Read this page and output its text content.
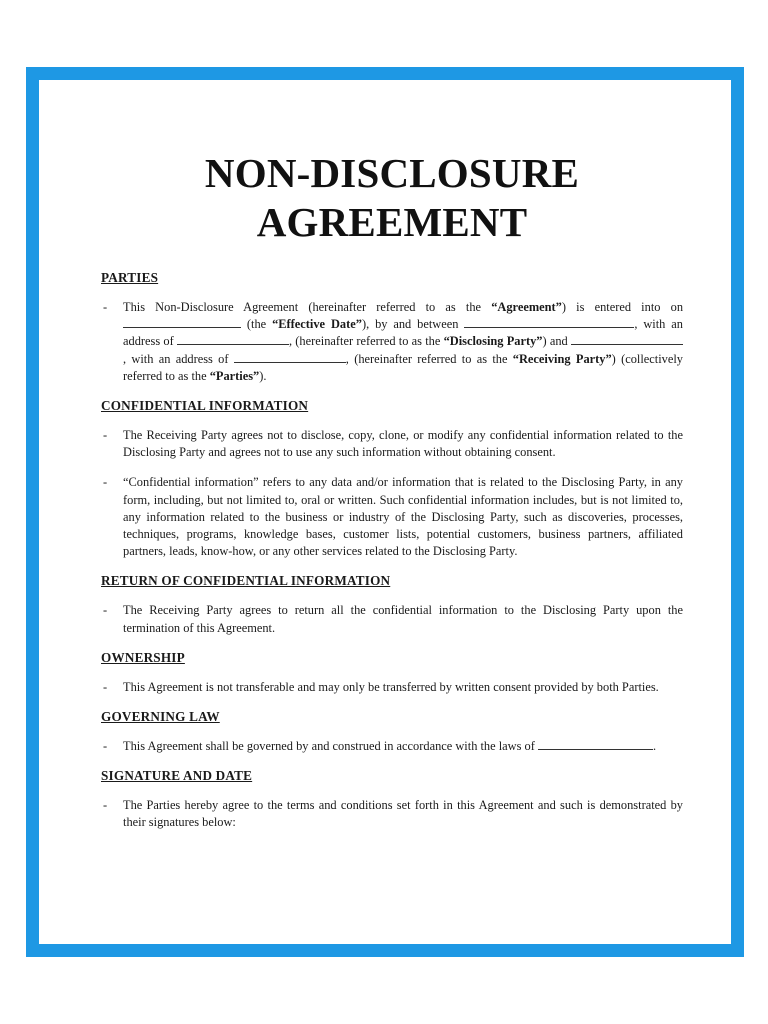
NON-DISCLOSURE
AGREEMENT
PARTIES
- This Non-Disclosure Agreement (hereinafter referred to as the “Agreement”) is entered into on  (the “Effective Date”), by and between	, with an address of	, (hereinafter referred to as the “Disclosing Party”) and , with an address of	, (hereinafter referred to as the “Receiving Party”) (collectively referred to as the “Parties”).
CONFIDENTIAL INFORMATION
- The Receiving Party agrees not to disclose, copy, clone, or modify any confidential information related to the Disclosing Party and agrees not to use any such information without obtaining consent.
- “Confidential information” refers to any data and/or information that is related to the Disclosing Party, in any form, including, but not limited to, oral or written. Such confidential information includes, but is not limited to, any information related to the business or industry of the Disclosing Party, such as discoveries, processes, techniques, programs, knowledge bases, customer lists, potential customers, business partners, affiliated partners, leads, know-how, or any other services related to the Disclosing Party.
RETURN OF CONFIDENTIAL INFORMATION
- The Receiving Party agrees to return all the confidential information to the Disclosing Party upon the termination of this Agreement.
OWNERSHIP
- This Agreement is not transferable and may only be transferred by written consent provided by both Parties.
GOVERNING LAW
- This Agreement shall be governed by and construed in accordance with the laws of	.
SIGNATURE AND DATE
- The Parties hereby agree to the terms and conditions set forth in this Agreement and such is demonstrated by their signatures below:
